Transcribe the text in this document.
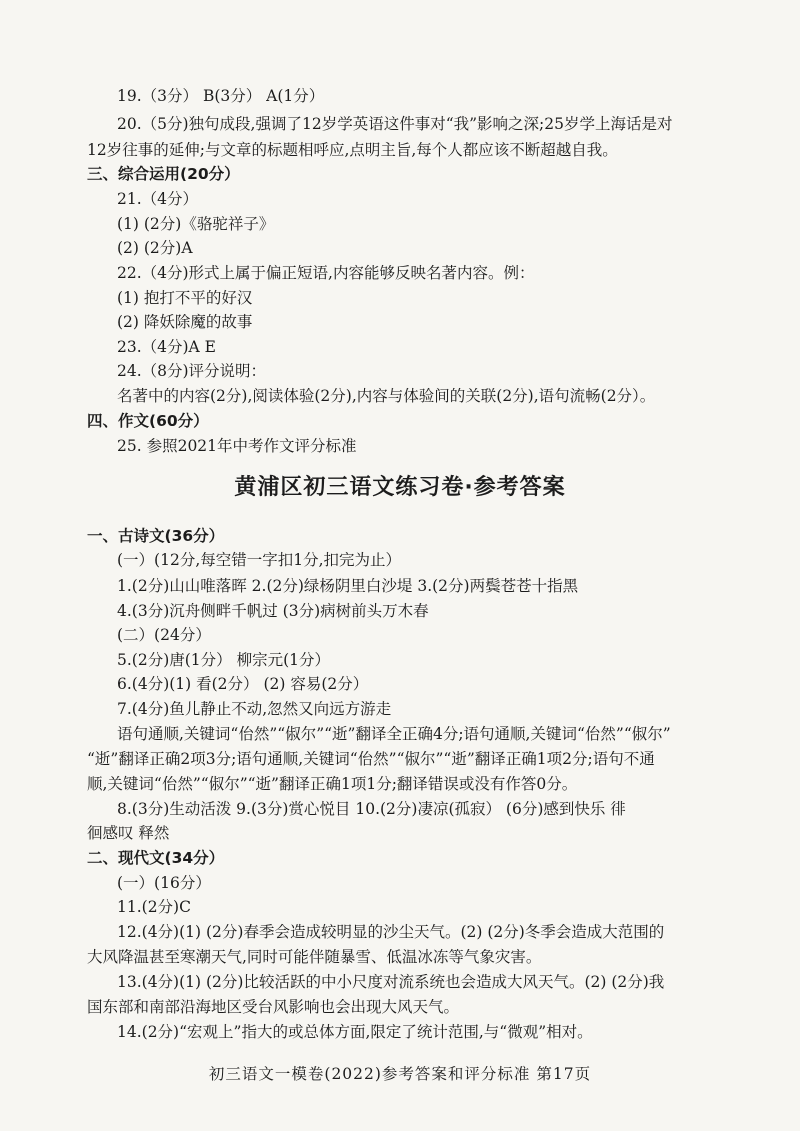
19.（3分） B(3分） A(1分）

20.（5分)独句成段,强调了12岁学英语这件事对“我”影响之深;25岁学上海话是对

12岁往事的延伸;与文章的标题相呼应,点明主旨,每个人都应该不断超越自我。

三、综合运用(20分）

21.（4分）

(1) (2分)《骆驼祥子》

(2) (2分)A

22.（4分)形式上属于偏正短语,内容能够反映名著内容。例：

(1) 抱打不平的好汉

(2) 降妖除魔的故事

23.（4分)A E

24.（8分)评分说明：

名著中的内容(2分),阅读体验(2分),内容与体验间的关联(2分),语句流畅(2分）。

四、作文(60分）

25. 参照2021年中考作文评分标准

黄浦区初三语文练习卷·参考答案

一、古诗文(36分）

(一）(12分,每空错一字扣1分,扣完为止）

1.(2分)山山唯落晖 2.(2分)绿杨阴里白沙堤 3.(2分)两鬓苍苍十指黑

4.(3分)沉舟侧畔千帆过 (3分)病树前头万木春

(二）(24分）

5.(2分)唐(1分） 柳宗元(1分）

6.(4分)(1) 看(2分） (2) 容易(2分）

7.(4分)鱼儿静止不动,忽然又向远方游走

语句通顺,关键词“佁然”“俶尔”“逝”翻译全正确4分;语句通顺,关键词“佁然”“俶尔”

“逝”翻译正确2项3分;语句通顺,关键词“佁然”“俶尔”“逝”翻译正确1项2分;语句不通

顺,关键词“佁然”“俶尔”“逝”翻译正确1项1分;翻译错误或没有作答0分。

8.(3分)生动活泼 9.(3分)赏心悦目 10.(2分)凄凉(孤寂） (6分)感到快乐 徘

徊感叹 释然

二、现代文(34分）

(一）(16分）

11.(2分)C

12.(4分)(1) (2分)春季会造成较明显的沙尘天气。(2) (2分)冬季会造成大范围的

大风降温甚至寒潮天气,同时可能伴随暴雪、低温冰冻等气象灾害。

13.(4分)(1) (2分)比较活跃的中小尺度对流系统也会造成大风天气。(2) (2分)我

国东部和南部沿海地区受台风影响也会出现大风天气。

14.(2分)“宏观上”指大的或总体方面,限定了统计范围,与“微观”相对。

初三语文一模卷(2022)参考答案和评分标准 第17页
